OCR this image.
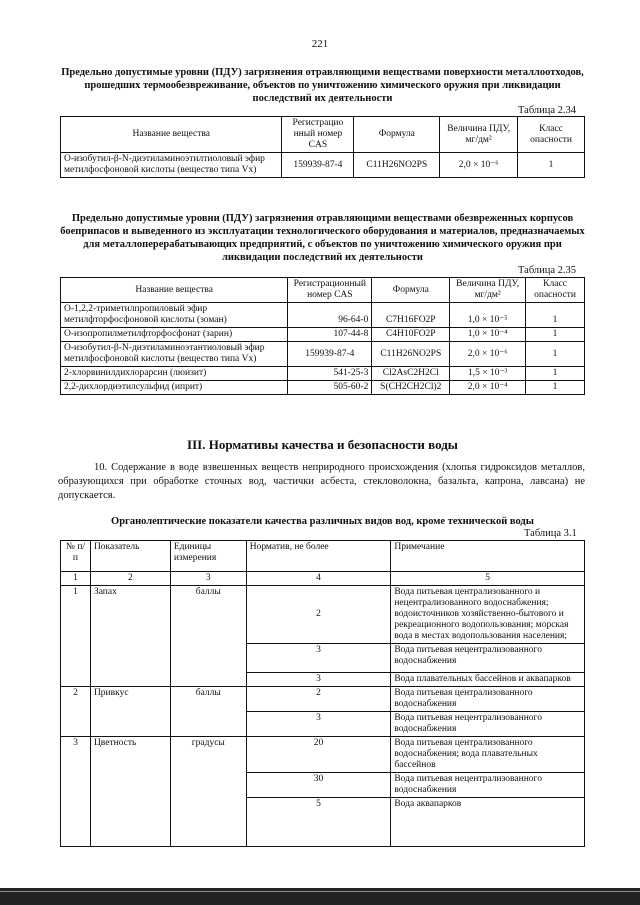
221
Предельно допустимые уровни (ПДУ) загрязнения отравляющими веществами поверхности металлоотходов, прошедших термообезвреживание, объектов по уничтожению химического оружия при ликвидации последствий их деятельности
Таблица 2.34
Название вещества	Регистрацио нный номер CAS	Формула	Величина ПДУ, мг/дм²	Класс опасности
О-изобутил-β-N-диэтиламиноэтилтиоловый эфир метилфосфоновой кислоты (вещество типа Vx)	159939-87-4	C11H26NO2PS	2,0 × 10⁻⁶	1
Предельно допустимые уровни (ПДУ) загрязнения отравляющими веществами обезвреженных корпусов боеприпасов и выведенного из эксплуатации технологического оборудования и материалов, предназначаемых для металлоперерабатывающих предприятий, с объектов по уничтожению химического оружия при ликвидации последствий их деятельности
Таблица 2.35
Название вещества	Регистрационный номер CAS	Формула	Величина ПДУ, мг/дм²	Класс опасности
О-1,2,2-триметилпропиловый эфир метилфторфосфоновой кислоты (зоман)	96-64-0	C7H16FO2P	1,0 × 10⁻⁵	1
О-изопропилметилфторфосфонат (зарин)	107-44-8	C4H10FO2P	1,0 × 10⁻⁴	1
О-изобутил-β-N-диэтиламиноэтантиоловый эфир метилфосфоновой кислоты (вещество типа Vx)	159939-87-4	C11H26NO2PS	2,0 × 10⁻⁶	1
2-хлорвинилдихлорарсин (люизит)	541-25-3	Cl2AsC2H2Cl	1,5 × 10⁻³	1
2,2-дихлордиэтилсульфид (иприт)	505-60-2	S(CH2CH2Cl)2	2,0 × 10⁻⁴	1
III. Нормативы качества и безопасности воды
10. Содержание в воде взвешенных веществ неприродного происхождения (хлопья гидроксидов металлов, образующихся при обработке сточных вод, частички асбеста, стекловолокна, базальта, капрона, лавсана) не допускается.
Органолептические показатели качества различных видов вод, кроме технической воды
Таблица 3.1
№ п/п	Показатель	Единицы измерения	Норматив, не более	Примечание
1	2	3	4	5
1	Запах	баллы	2	Вода питьевая централизованного и нецентрализованного водоснабжения; водоисточников хозяйственно-бытового и рекреационного водопользования; морская вода в местах водопользования населения;
			3	Вода питьевая нецентрализованного водоснабжения
			3	Вода плавательных бассейнов и аквапарков
2	Привкус	баллы	2	Вода питьевая централизованного водоснабжения
			3	Вода питьевая нецентрализованного водоснабжения
3	Цветность	градусы	20	Вода питьевая централизованного водоснабжения; вода плавательных бассейнов
			30	Вода питьевая нецентрализованного водоснабжения
			5	Вода аквапарков
